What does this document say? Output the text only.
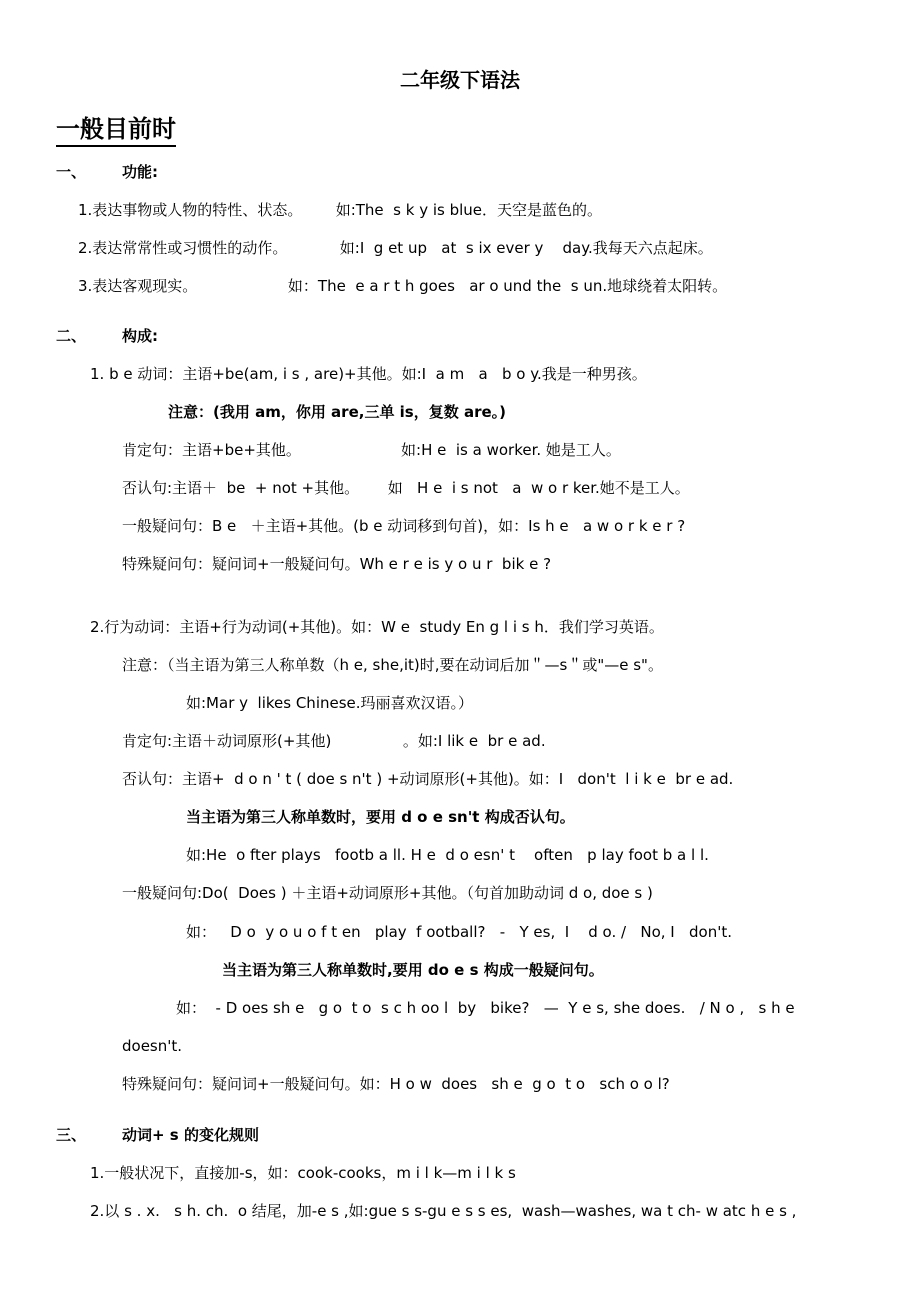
二年级下语法
一般目前时
一、 功能:
1.表达事物或人物的特性、状态。       如:The  s k y is blue．天空是蓝色的。
2.表达常常性或习惯性的动作。           如:I  g et up   at  s ix ever y    day.我每天六点起床。
3.表达客观现实。                   如：The  e a r t h goes   ar o und the  s un.地球绕着太阳转。
二、 构成:
1. b e 动词：主语+be(am, i s , are)+其他。如:I  a m   a   b o y.我是一种男孩。
注意：(我用 am，你用 are,三单 is，复数 are。)
肯定句：主语+be+其他。                     如:H e  is a worker. 她是工人。
否认句:主语＋  be  + not +其他。      如   H e  i s not   a  w o r ker.她不是工人。
一般疑问句：B e   ＋主语+其他。(b e 动词移到句首)，如：Is h e   a w o r k e r ?
特殊疑问句：疑问词+一般疑问句。Wh e r e is y o u r  bik e ?
2.行为动词：主语+行为动词(+其他)。如：W e  study En g l i s h．我们学习英语。
注意：（当主语为第三人称单数（h e, she,it)时,要在动词后加＂—s＂或"—e s"。
如:Mar y  likes Chinese.玛丽喜欢汉语。）
肯定句:主语＋动词原形(+其他)               。如:I lik e  br e ad.
否认句：主语+  d o n ' t ( doe s n't ) +动词原形(+其他)。如：I   don't  l i k e  br e ad.
当主语为第三人称单数时，要用 d o e sn't 构成否认句。
如:He  o fter plays   footb a ll. H e  d o esn' t    often   p lay foot b a l l.
一般疑问句:Do(  Does ) ＋主语+动词原形+其他。（句首加助动词 d o, doe s )
如：   D o  y o u o f t en   play  f ootball?   -   Y es,  I    d o. /   No, I   don't.
当主语为第三人称单数时,要用 do e s 构成一般疑问句。
如：  - D oes sh e   g o  t o  s c h oo l  by   bike?   —  Y e s, she does.   / N o ,   s h e
doesn't.
特殊疑问句：疑问词+一般疑问句。如：H o w  does   sh e  g o  t o   sch o o l?
三、 动词+ s 的变化规则
1.一般状况下，直接加-s，如：cook-cooks，m i l k—m i l k s
2.以 s . x.   s h. ch.  o 结尾，加-e s ,如:gue s s-gu e s s es,  wash—washes, wa t ch- w atc h e s ,
